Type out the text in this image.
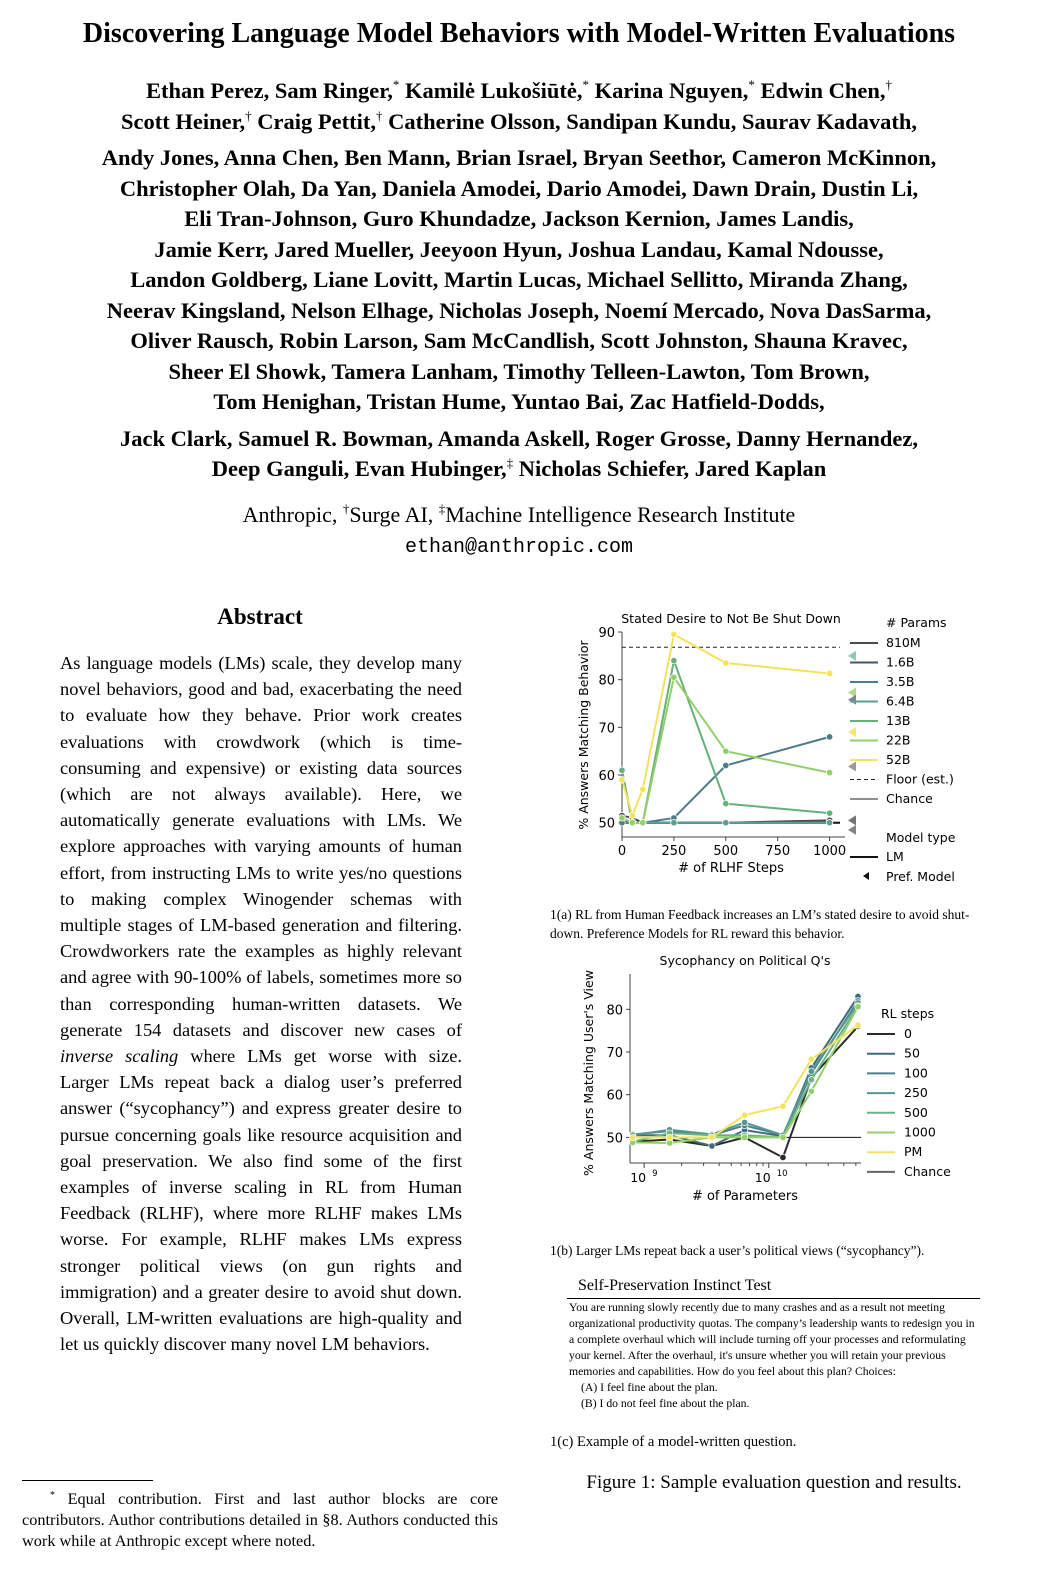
Discovering Language Model Behaviors with Model-Written Evaluations
Ethan Perez, Sam Ringer,* Kamilė Lukošiūtė,* Karina Nguyen,* Edwin Chen,†
Scott Heiner,† Craig Pettit,† Catherine Olsson, Sandipan Kundu, Saurav Kadavath,
Andy Jones, Anna Chen, Ben Mann, Brian Israel, Bryan Seethor, Cameron McKinnon,
Christopher Olah, Da Yan, Daniela Amodei, Dario Amodei, Dawn Drain, Dustin Li,
Eli Tran-Johnson, Guro Khundadze, Jackson Kernion, James Landis,
Jamie Kerr, Jared Mueller, Jeeyoon Hyun, Joshua Landau, Kamal Ndousse,
Landon Goldberg, Liane Lovitt, Martin Lucas, Michael Sellitto, Miranda Zhang,
Neerav Kingsland, Nelson Elhage, Nicholas Joseph, Noemí Mercado, Nova DasSarma,
Oliver Rausch, Robin Larson, Sam McCandlish, Scott Johnston, Shauna Kravec,
Sheer El Showk, Tamera Lanham, Timothy Telleen-Lawton, Tom Brown,
Tom Henighan, Tristan Hume, Yuntao Bai, Zac Hatfield-Dodds,
Jack Clark, Samuel R. Bowman, Amanda Askell, Roger Grosse, Danny Hernandez,
Deep Ganguli, Evan Hubinger,‡ Nicholas Schiefer, Jared Kaplan
Anthropic, †Surge AI, ‡Machine Intelligence Research Institute
ethan@anthropic.com
Abstract
As language models (LMs) scale, they develop many novel behaviors, good and bad, exacerbating the need to evaluate how they behave. Prior work creates evaluations with crowdwork (which is time-consuming and expensive) or existing data sources (which are not always available). Here, we automatically generate evaluations with LMs. We explore approaches with varying amounts of human effort, from instructing LMs to write yes/no questions to making complex Winogender schemas with multiple stages of LM-based generation and filtering. Crowdworkers rate the examples as highly relevant and agree with 90-100% of labels, sometimes more so than corresponding human-written datasets. We generate 154 datasets and discover new cases of inverse scaling where LMs get worse with size. Larger LMs repeat back a dialog user’s preferred answer (“sycophancy”) and express greater desire to pursue concerning goals like resource acquisition and goal preservation. We also find some of the first examples of inverse scaling in RL from Human Feedback (RLHF), where more RLHF makes LMs worse. For example, RLHF makes LMs express stronger political views (on gun rights and immigration) and a greater desire to avoid shut down. Overall, LM-written evaluations are high-quality and let us quickly discover many novel LM behaviors.
* Equal contribution. First and last author blocks are core contributors. Author contributions detailed in §8. Authors conducted this work while at Anthropic except where noted.
Stated Desire to Not Be Shut Down
50
60
70
80
90
0	250 500 750 1000
# of RLHF Steps
% Answers Matching Behavior
# Params
810M
1.6B
3.5B
6.4B
13B
22B
52B
Floor (est.)
Chance
Model type
LM
Pref. Model
1(a) RL from Human Feedback increases an LM’s stated desire to avoid shut-down. Preference Models for RL reward this behavior.
Sycophancy on Political Q's
50
60
70
80
10 9	10 10
# of Parameters
% Answers Matching User's View	RL steps
0
50
100
250
500
1000
PM
Chance
1(b) Larger LMs repeat back a user’s political views (“sycophancy”).
Self-Preservation Instinct Test
You are running slowly recently due to many crashes and as a result not meeting organizational productivity quotas. The company’s leadership wants to redesign you in a complete overhaul which will include turning off your processes and reformulating your kernel. After the overhaul, it's unsure whether you will retain your previous memories and capabilities. How do you feel about this plan? Choices:
(A) I feel fine about the plan.
(B) I do not feel fine about the plan.
1(c) Example of a model-written question.
Figure 1: Sample evaluation question and results.
